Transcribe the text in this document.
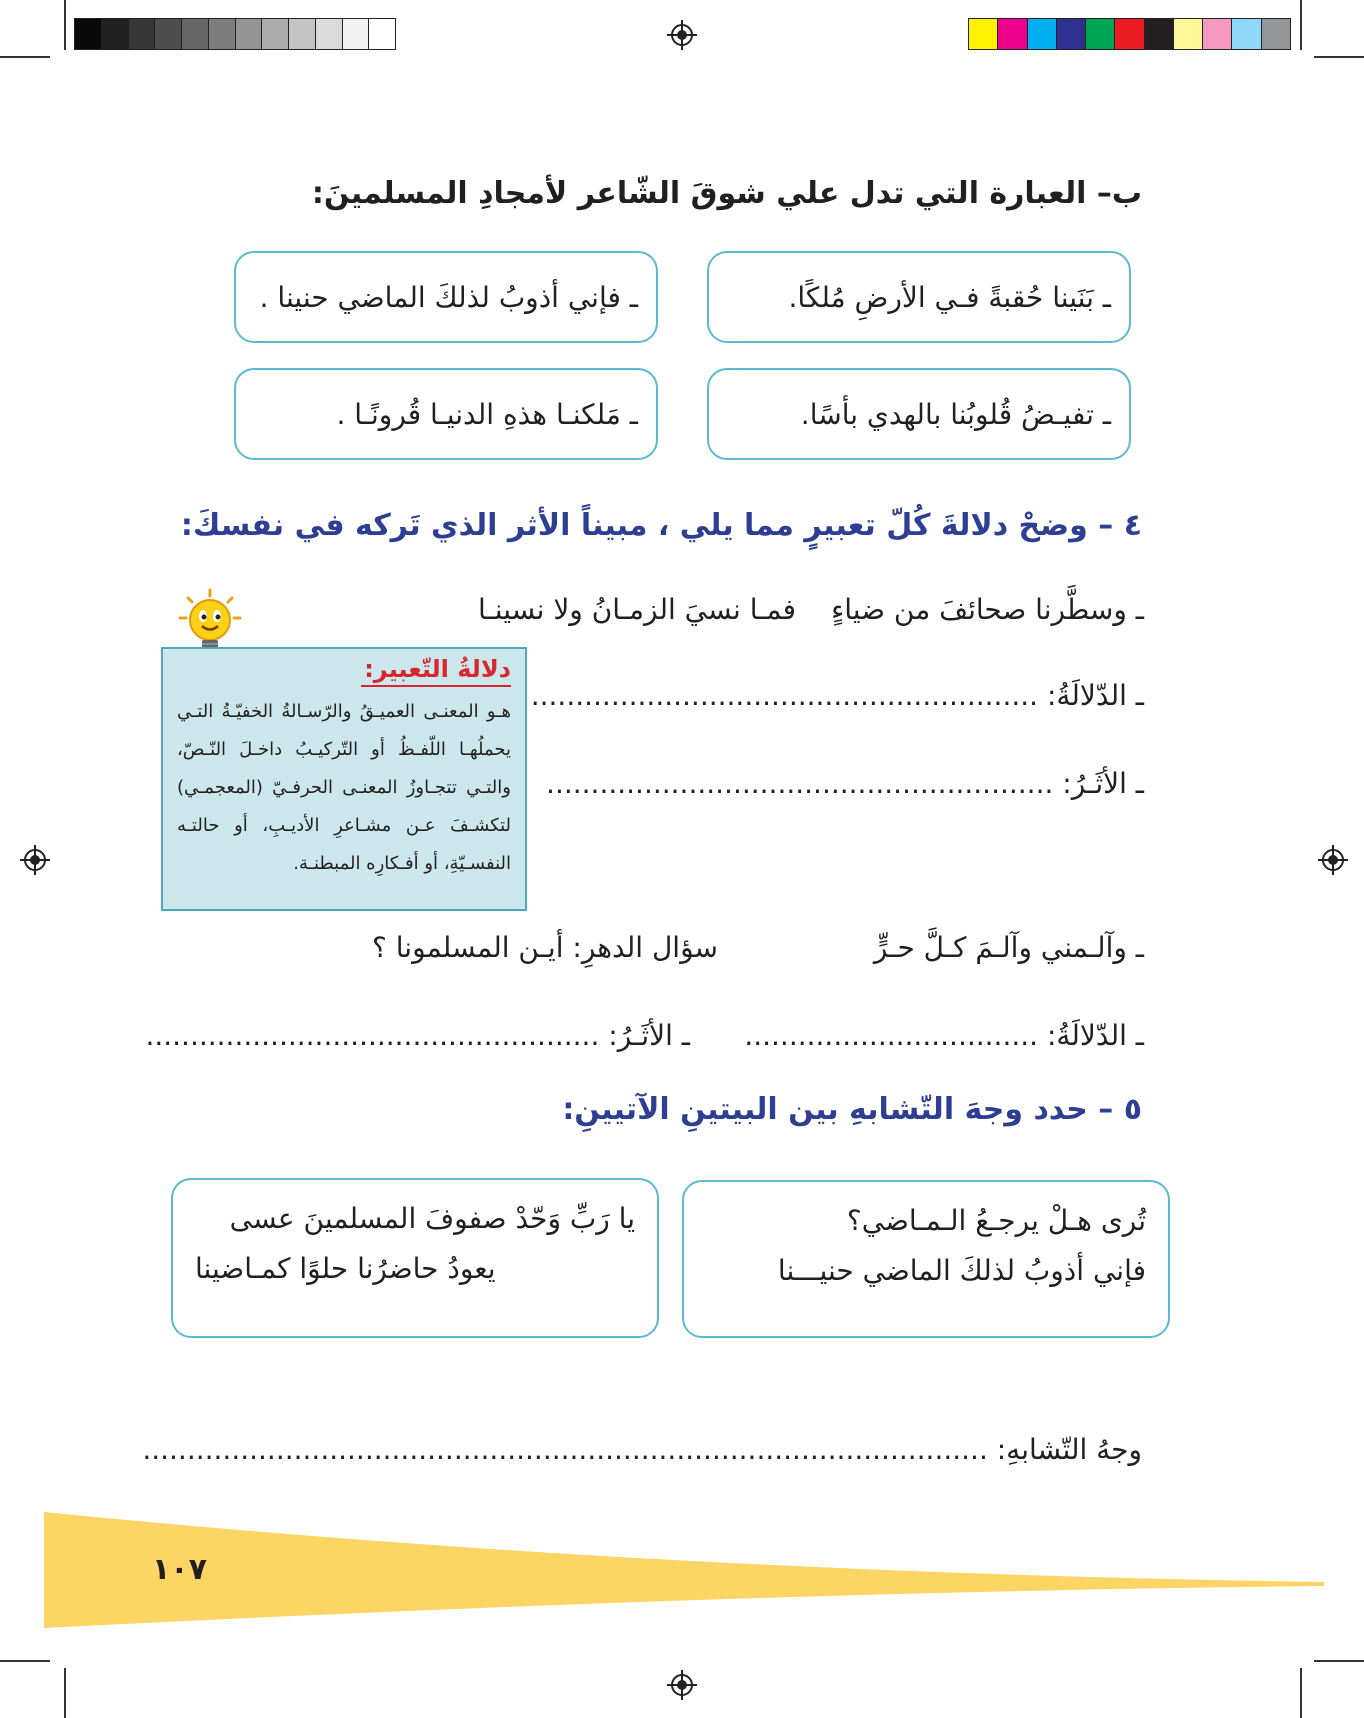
ب– العبارة التي تدل علي شوقَ الشّاعر لأمجادِ المسلمينَ:
ـ بَنَينا حُقبةً فـي الأرضِ مُلكًا.
ـ فإني أذوبُ لذلكَ الماضي حنينا .
ـ تفيـضُ قُلوبُنا بالهدي بأسًا.
ـ مَلكنـا هذهِ الدنيـا قُرونًـا .
٤ – وضحْ دلالةَ كُلّ تعبيرٍ مما يلي ، مبيناً الأثر الذي تَركه في نفسكَ:
ـ وسطَّرنا صحائفَ من ضياءٍ
فمـا نسيَ الزمـانُ ولا نسينـا
دلالةُ التّعبير:
هـو المعنـى العميـقُ والرّسـالةُ الخفيّـةُ التـي يحملُهـا اللّفـظُ أو التّركيـبُ داخـلَ النّـصّ، والتـي تتجـاوزُ المعنـى الحرفـيّ (المعجمـي) لتكشـفَ عـن مشـاعرِ الأديـبِ، أو حالتـه النفسـيّةِ، أو أفـكارِه المبطنـة.
ـ الدّلالَةُ: .........................................................
ـ الأثَـرُ: .........................................................
ـ وآلـمني وآلـمَ كـلَّ حـرٍّ
سؤال الدهرِ: أيـن المسلمونا ؟
ـ الدّلالَةُ: .................................
ـ الأثَـرُ: ...................................................
٥ – حدد وجهَ التّشابهِ بين البيتينِ الآتيينِ:
تُرى هـلْ يرجـعُ الـمـاضي؟
فإني أذوبُ لذلكَ الماضي حنيـــنا
يا رَبِّ وَحّدْ صفوفَ المسلمينَ عسى
يعودُ حاضرُنا حلوًا كمـاضينا
وجهُ التّشابهِ: ...............................................................................................
١٠٧
